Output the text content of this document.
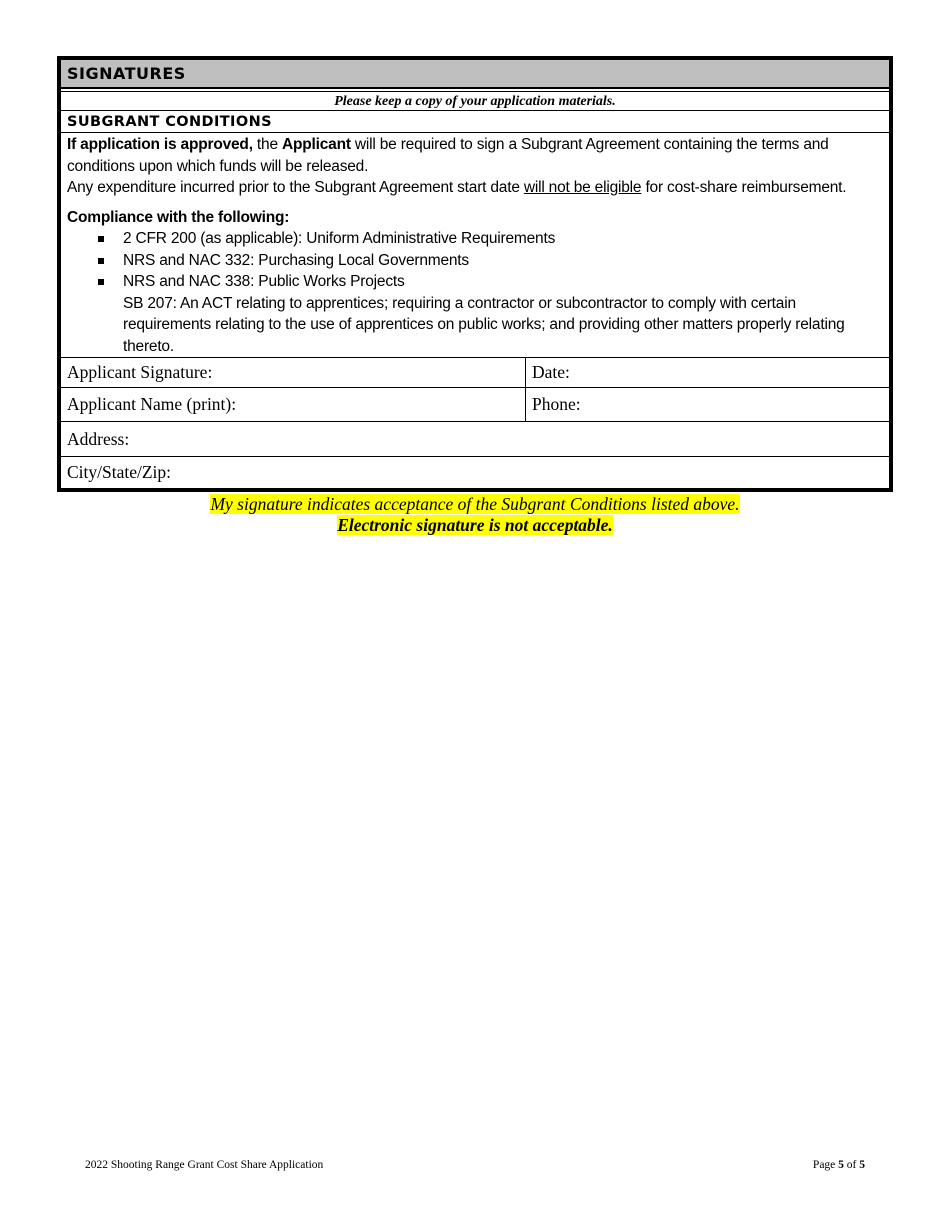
SIGNATURES
Please keep a copy of your application materials.
SUBGRANT CONDITIONS

If application is approved, the Applicant will be required to sign a Subgrant Agreement containing the terms and conditions upon which funds will be released.

Any expenditure incurred prior to the Subgrant Agreement start date will not be eligible for cost-share reimbursement.

Compliance with the following:

2 CFR 200 (as applicable): Uniform Administrative Requirements
NRS and NAC 332: Purchasing Local Governments
NRS and NAC 338: Public Works Projects

SB 207: An ACT relating to apprentices; requiring a contractor or subcontractor to comply with certain requirements relating to the use of apprentices on public works; and providing other matters properly relating thereto.

Applicant Signature:	Date:
Applicant Name (print):	Phone:
Address:
City/State/Zip:
My signature indicates acceptance of the Subgrant Conditions listed above.
Electronic signature is not acceptable.
2022 Shooting Range Grant Cost Share Application	Page 5 of 5
